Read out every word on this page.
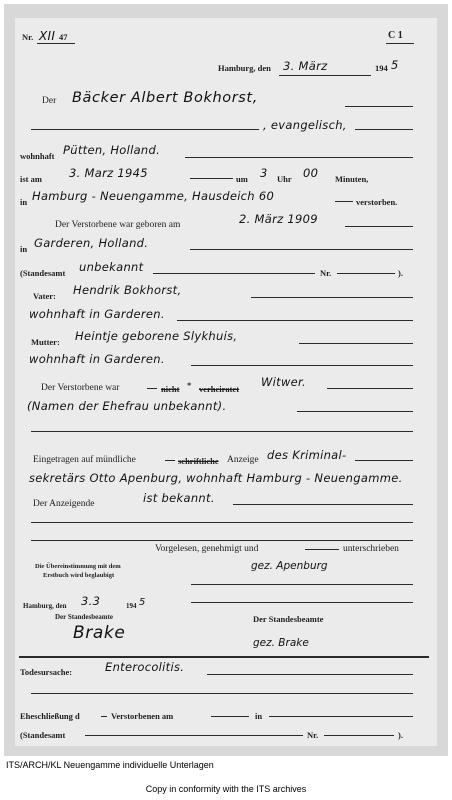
Nr. XII 47	C 1
Hamburg, den 3. März	194 5
Der Bäcker Albert Bokhorst,
, evangelisch,
wohnhaft Pütten, Holland.
ist am 3. Marz 1945	um 3 Uhr 00 Minuten,
in Hamburg - Neuengamme, Hausdeich 60	verstorben.
Der Verstorbene war geboren am	2. März 1909
in Garderen, Holland.
(Standesamt unbekannt	Nr.	).
Vater: Hendrik Bokhorst,
wohnhaft in Garderen.
Mutter: Heintje geborene Slykhuis,
wohnhaft in Garderen.
Der Verstorbene war	nicht * verheiratet Witwer.
(Namen der Ehefrau unbekannt).
Eingetragen auf mündliche	schriftliche Anzeige des Kriminal-
sekretärs Otto Apenburg, wohnhaft Hamburg - Neuengamme.
Der Anzeigende	ist bekannt.
Vorgelesen, genehmigt und	unterschrieben
Die Übereinstimmung mit dem
Erstbuch wird beglaubigt
gez. Apenburg
Hamburg, den 3.3	194 5
Der Standesbeamte
Brake
Der Standesbeamte
gez. Brake
Todesursache:	Enterocolitis.
Eheschließung d	Verstorbenen am	in
(Standesamt	Nr.	).
ITS/ARCH/KL Neuengamme individuelle Unterlagen
Copy in conformity with the ITS archives
